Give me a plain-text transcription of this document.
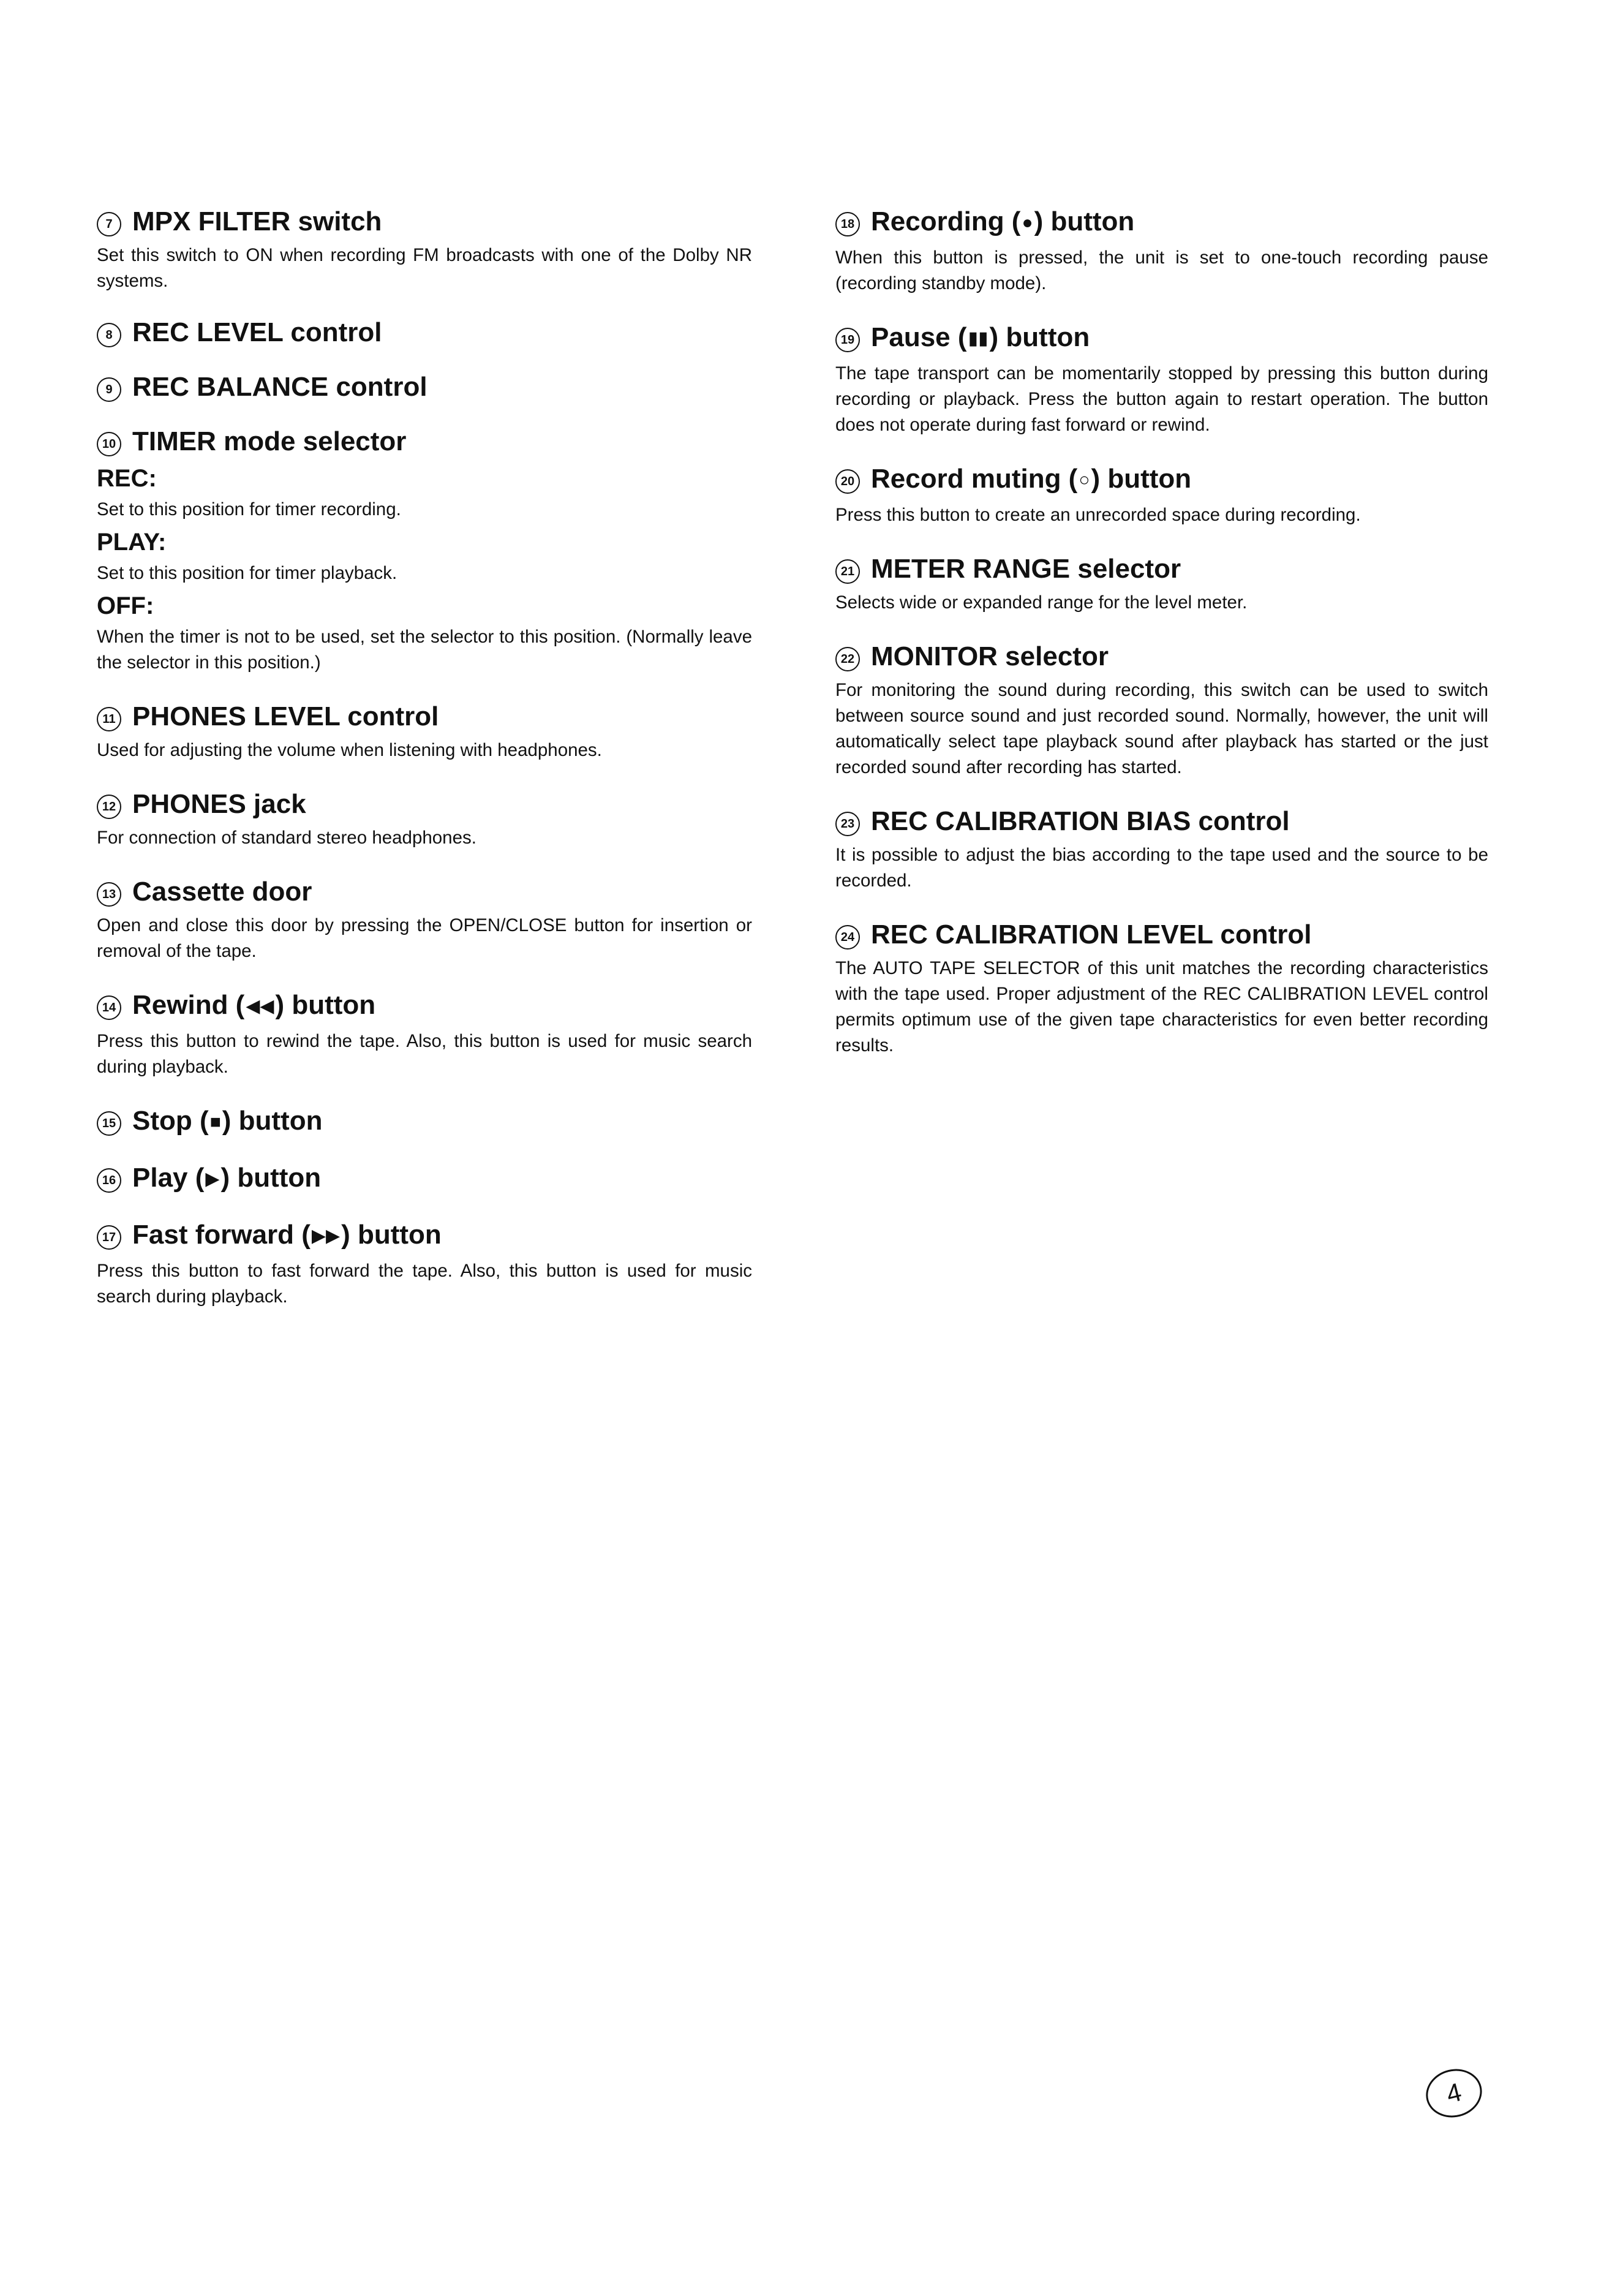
7 MPX FILTER switch
Set this switch to ON when recording FM broadcasts with one of the Dolby NR systems.
8 REC LEVEL control
9 REC BALANCE control
10 TIMER mode selector
REC:
Set to this position for timer recording.
PLAY:
Set to this position for timer playback.
OFF:
When the timer is not to be used, set the selector to this position. (Normally leave the selector in this position.)
11 PHONES LEVEL control
Used for adjusting the volume when listening with headphones.
12 PHONES jack
For connection of standard stereo headphones.
13 Cassette door
Open and close this door by pressing the OPEN/CLOSE button for insertion or removal of the tape.
14 Rewind (◀◀) button
Press this button to rewind the tape. Also, this button is used for music search during playback.
15 Stop (■) button
16 Play (▶) button
17 Fast forward (▶▶) button
Press this button to fast forward the tape. Also, this button is used for music search during playback.
18 Recording (●) button
When this button is pressed, the unit is set to one-touch recording pause (recording standby mode).
19 Pause (▮▮) button
The tape transport can be momentarily stopped by pressing this button during recording or playback. Press the button again to restart operation. The button does not operate during fast forward or rewind.
20 Record muting (○) button
Press this button to create an unrecorded space during recording.
21 METER RANGE selector
Selects wide or expanded range for the level meter.
22 MONITOR selector
For monitoring the sound during recording, this switch can be used to switch between source sound and just recorded sound. Normally, however, the unit will automatically select tape playback sound after playback has started or the just recorded sound after recording has started.
23 REC CALIBRATION BIAS control
It is possible to adjust the bias according to the tape used and the source to be recorded.
24 REC CALIBRATION LEVEL control
The AUTO TAPE SELECTOR of this unit matches the recording characteristics with the tape used. Proper adjustment of the REC CALIBRATION LEVEL control permits optimum use of the given tape characteristics for even better recording results.
4
